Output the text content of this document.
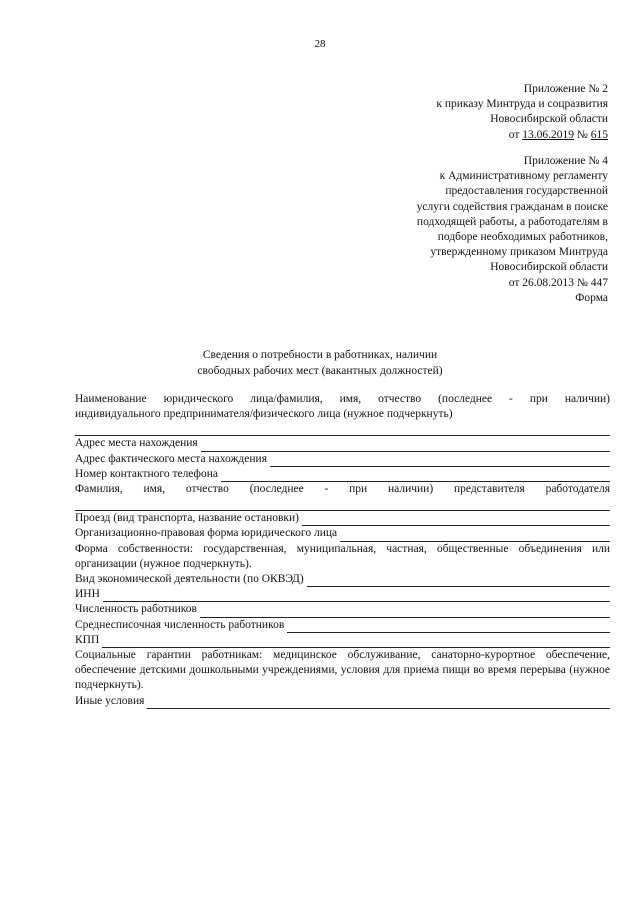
28
Приложение № 2
к приказу Минтруда и соцразвития
Новосибирской области
от 13.06.2019 № 615
Приложение № 4
к Административному регламенту
предоставления государственной
услуги содействия гражданам в поиске
подходящей работы, а работодателям в
подборе необходимых работников,
утвержденному приказом Минтруда
Новосибирской области
от 26.08.2013 № 447
Форма
Сведения о потребности в работниках, наличии
свободных рабочих мест (вакантных должностей)
Наименование юридического лица/фамилия, имя, отчество (последнее - при наличии)
индивидуального предпринимателя/физического лица (нужное подчеркнуть)
Адрес места нахождения
Адрес фактического места нахождения
Номер контактного телефона
Фамилия, имя, отчество (последнее - при наличии) представителя работодателя
Проезд (вид транспорта, название остановки)
Организационно-правовая форма юридического лица
Форма собственности: государственная, муниципальная, частная, общественные объединения или организации (нужное подчеркнуть).
Вид экономической деятельности (по ОКВЭД)
ИНН
Численность работников
Среднесписочная численность работников
КПП
Социальные гарантии работникам: медицинское обслуживание, санаторно-курортное обеспечение, обеспечение детскими дошкольными учреждениями, условия для приема пищи во время перерыва (нужное подчеркнуть).
Иные условия
